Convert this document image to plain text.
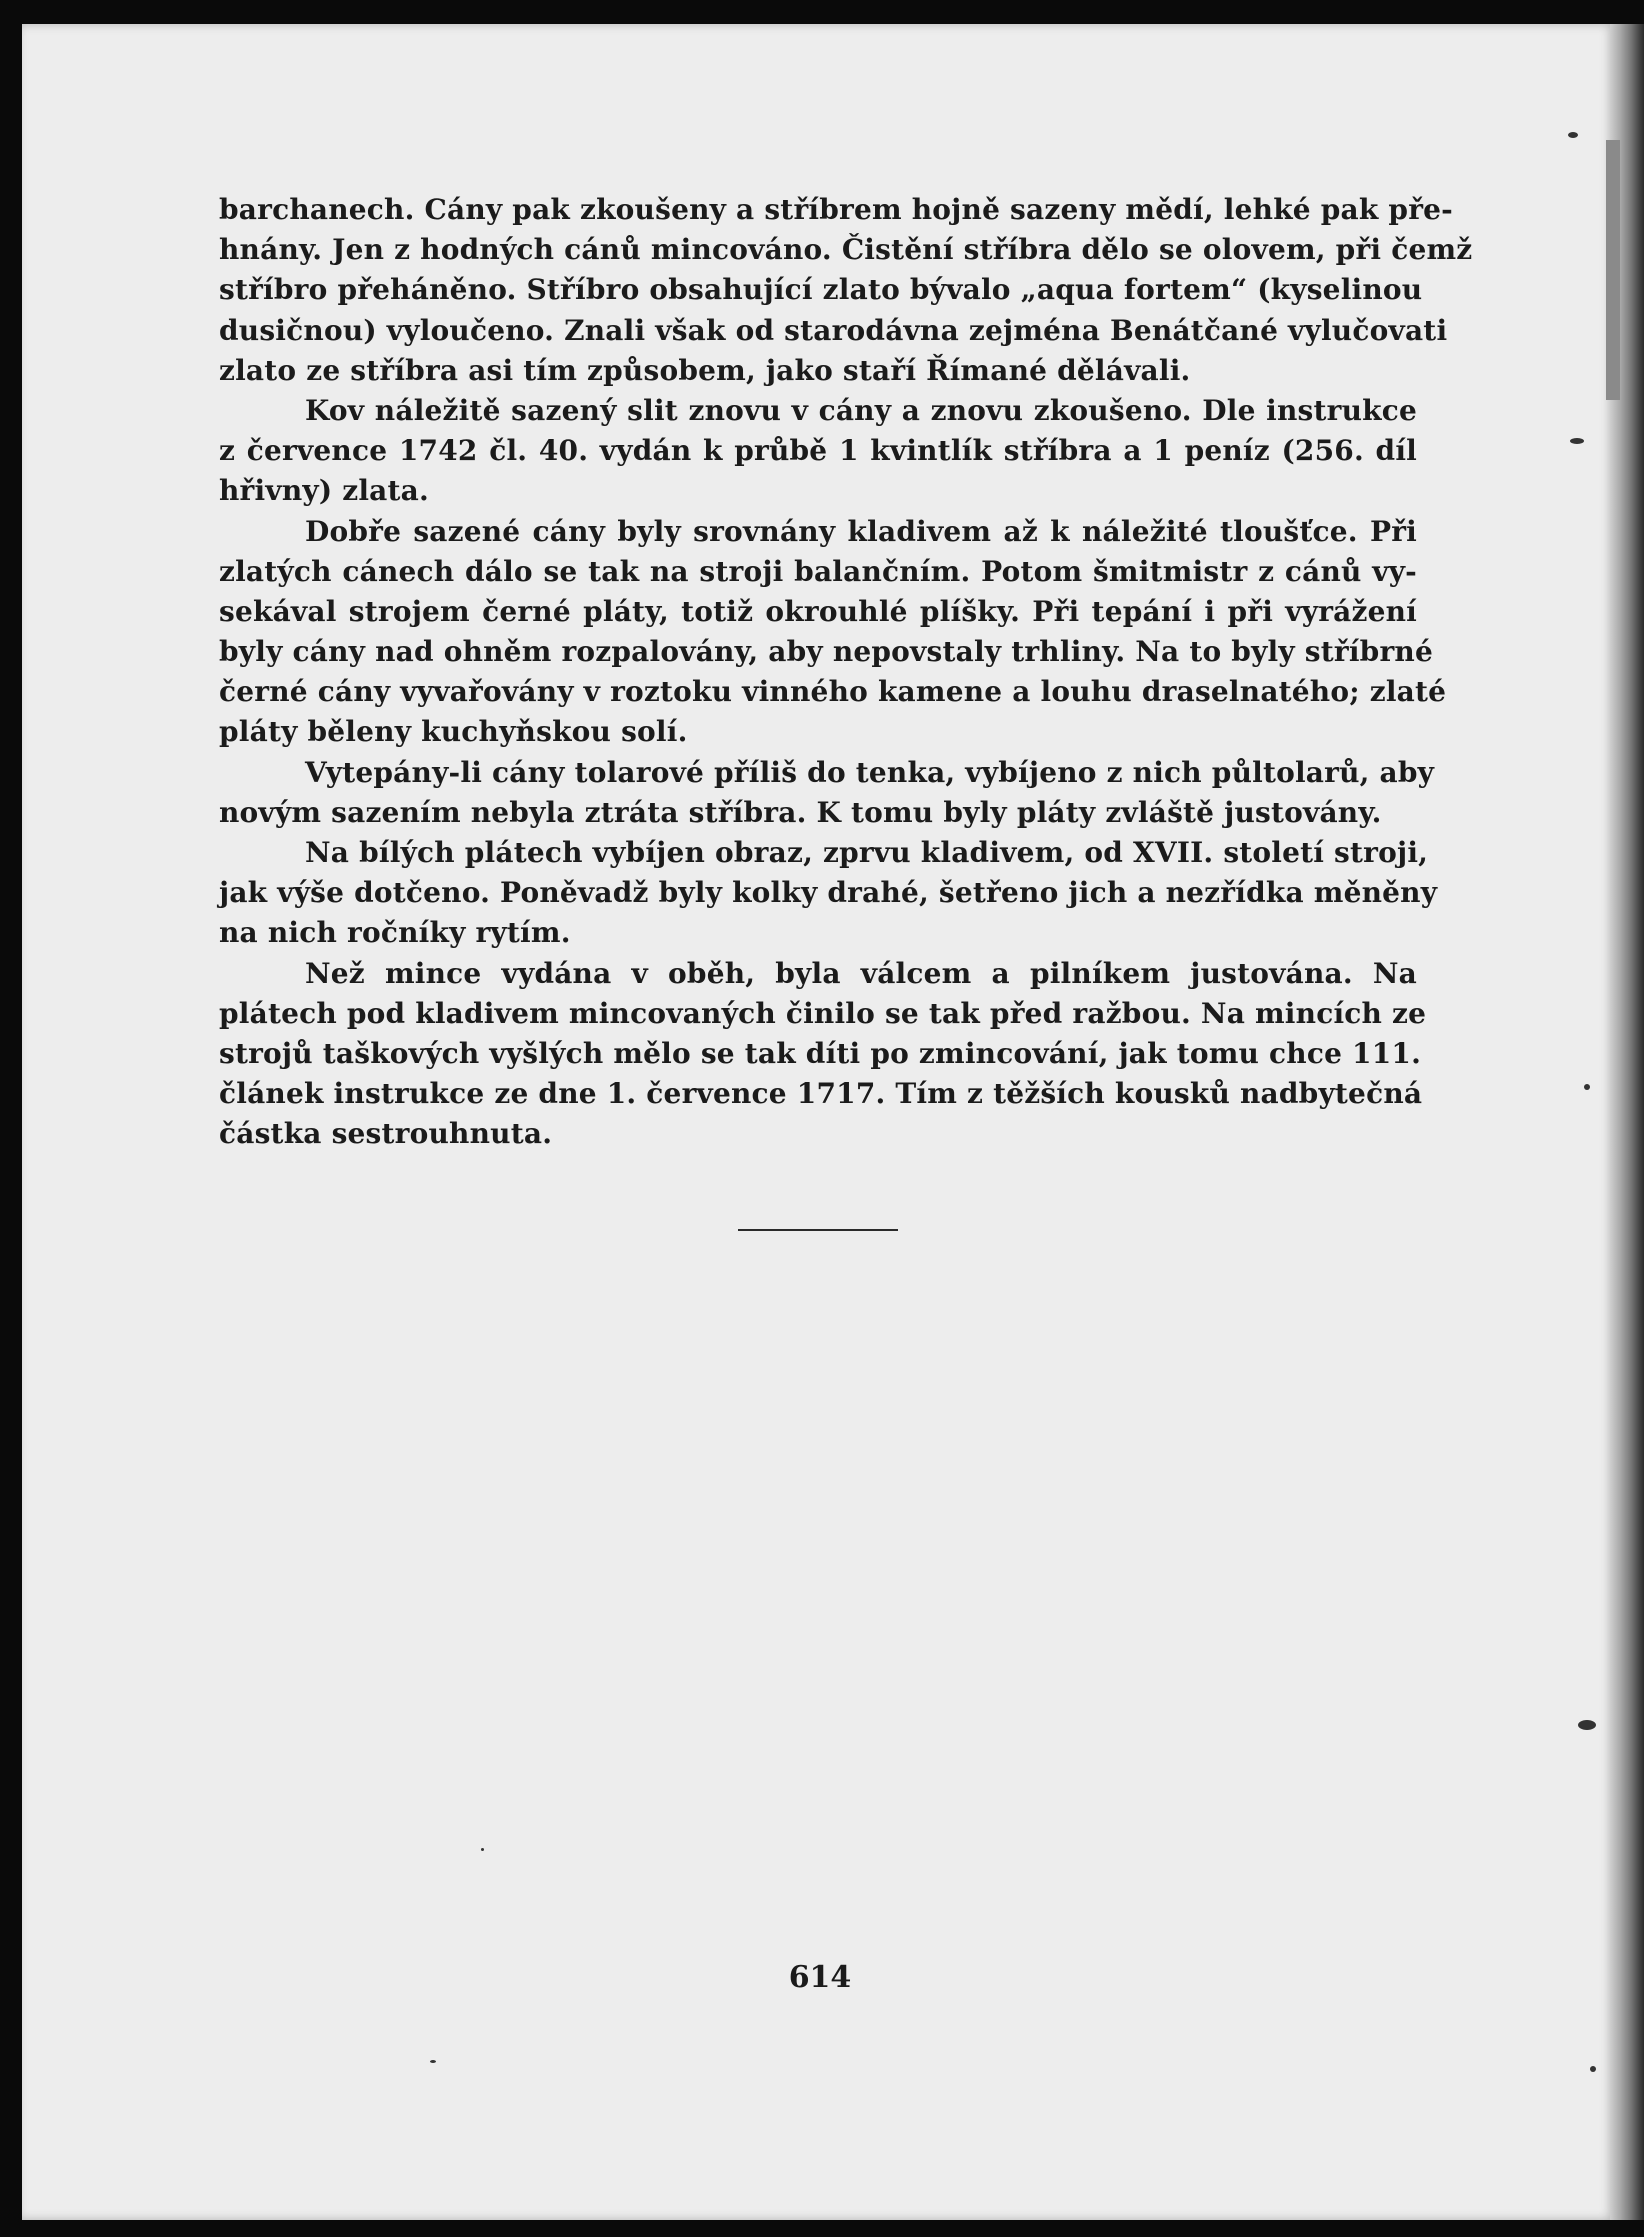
barchanech. Cány pak zkoušeny a stříbrem hojně sazeny mědí, lehké pak pře-
hnány. Jen z hodných cánů mincováno. Čistění stříbra dělo se olovem, při čemž
stříbro přeháněno. Stříbro obsahující zlato bývalo „aqua fortem“ (kyselinou
dusičnou) vyloučeno. Znali však od starodávna zejména Benátčané vylučovati
zlato ze stříbra asi tím způsobem, jako staří Římané dělávali.
Kov náležitě sazený slit znovu v cány a znovu zkoušeno. Dle instrukce
z července 1742 čl. 40. vydán k průbě 1 kvintlík stříbra a 1 peníz (256. díl
hřivny) zlata.
Dobře sazené cány byly srovnány kladivem až k náležité tloušťce. Při
zlatých cánech dálo se tak na stroji balančním. Potom šmitmistr z cánů vy-
sekával strojem černé pláty, totiž okrouhlé plíšky. Při tepání i při vyrážení
byly cány nad ohněm rozpalovány, aby nepovstaly trhliny. Na to byly stříbrné
černé cány vyvařovány v roztoku vinného kamene a louhu draselnatého; zlaté
pláty běleny kuchyňskou solí.
Vytepány-li cány tolarové příliš do tenka, vybíjeno z nich půltolarů, aby
novým sazením nebyla ztráta stříbra. K tomu byly pláty zvláště justovány.
Na bílých plátech vybíjen obraz, zprvu kladivem, od XVII. století stroji,
jak výše dotčeno. Poněvadž byly kolky drahé, šetřeno jich a nezřídka měněny
na nich ročníky rytím.
Než mince vydána v oběh, byla válcem a pilníkem justována. Na
plátech pod kladivem mincovaných činilo se tak před ražbou. Na mincích ze
strojů taškových vyšlých mělo se tak díti po zmincování, jak tomu chce 111.
článek instrukce ze dne 1. července 1717. Tím z těžších kousků nadbytečná
částka sestrouhnuta.
614
